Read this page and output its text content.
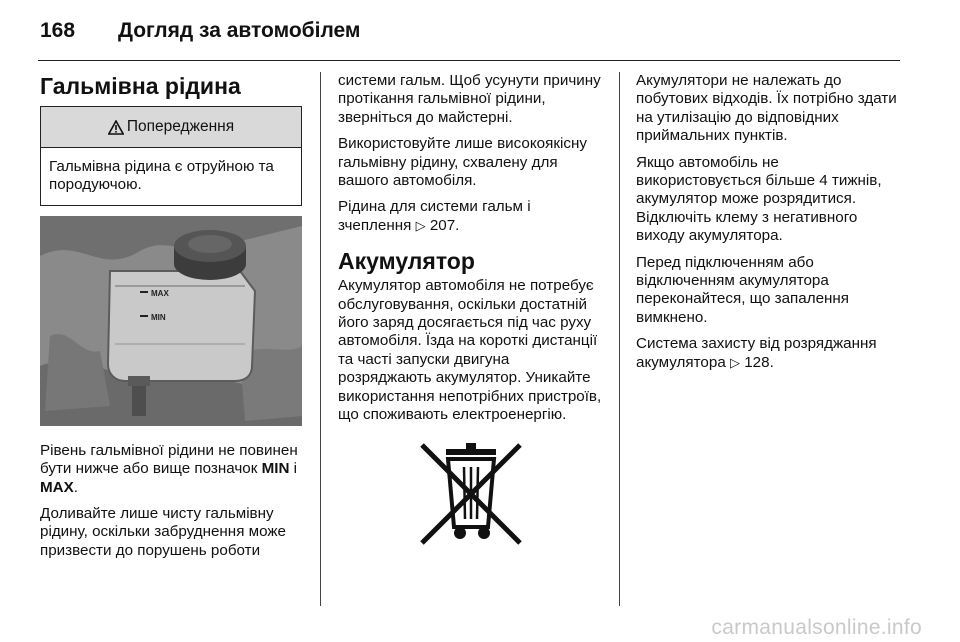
168 Догляд за автомобілем
Гальмівна рідина
Попередження
Гальмівна рідина є отруйною та породуючою.
MAX
MIN

Рівень гальмівної рідини не повинен бути нижче або вище позначок MIN і MAX.

Доливайте лише чисту гальмівну рідину, оскільки забруднення може призвести до порушень роботи

системи гальм. Щоб усунути причину протікання гальмівної рідини, зверніться до майстерні.

Використовуйте лише високоякісну гальмівну рідину, схвалену для вашого автомобіля.

Рідина для системи гальм і зчеплення ▷ 207.

Акумулятор

Акумулятор автомобіля не потребує обслуговування, оскільки достатній його заряд досягається під час руху автомобіля. Їзда на короткі дистанції та часті запуски двигуна розряджають акумулятор. Уникайте використання непотрібних пристроїв, що споживають електроенергію.

Акумулятори не належать до побутових відходів. Їх потрібно здати на утилізацію до відповідних приймальних пунктів.

Якщо автомобіль не використовується більше 4 тижнів, акумулятор може розрядитися. Відключіть клему з негативного виходу акумулятора.

Перед підключенням або відключенням акумулятора переконайтеся, що запалення вимкнено.

Система захисту від розряджання акумулятора ▷ 128.

carmanualsonline.info
